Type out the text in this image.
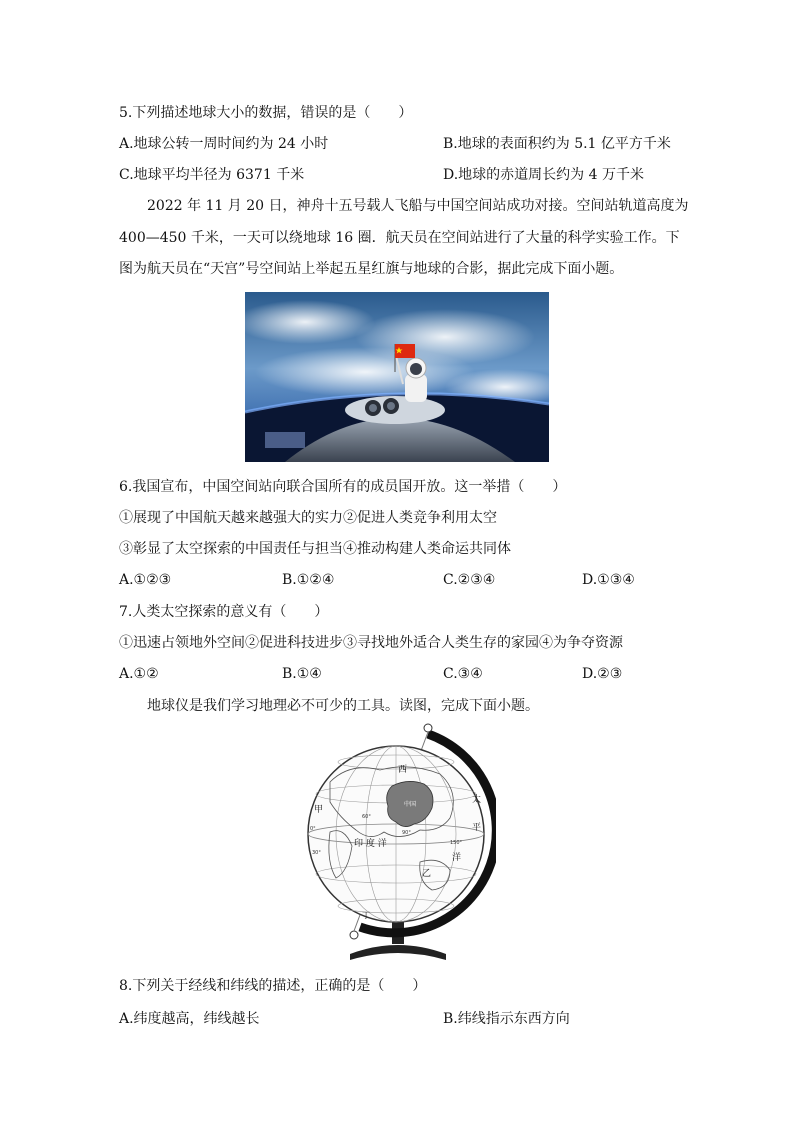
5.下列描述地球大小的数据，错误的是（　　）
A.地球公转一周时间约为 24 小时	B.地球的表面积约为 5.1 亿平方千米
C.地球平均半径为 6371 千米	D.地球的赤道周长约为 4 万千米
2022 年 11 月 20 日，神舟十五号载人飞船与中国空间站成功对接。空间站轨道高度为
400—450 千米，一天可以绕地球 16 圈．航天员在空间站进行了大量的科学实验工作。下
图为航天员在“天宫”号空间站上举起五星红旗与地球的合影，据此完成下面小题。
6.我国宣布，中国空间站向联合国所有的成员国开放。这一举措（　　）
①展现了中国航天越来越强大的实力②促进人类竞争利用太空
③彰显了太空探索的中国责任与担当④推动构建人类命运共同体
A.①②③	B.①②④	C.②③④	D.①③④
7.人类太空探索的意义有（　　）
①迅速占领地外空间②促进科技进步③寻找地外适合人类生存的家园④为争夺资源
A.①②	B.①④	C.③④	D.②③
地球仪是我们学习地理必不可少的工具。读图，完成下面小题。
中国
西
太
平
洋
甲
乙
印 度 洋
60°
90°
150°
30°
0°
丁
8.下列关于经线和纬线的描述，正确的是（　　）
A.纬度越高，纬线越长	B.纬线指示东西方向
